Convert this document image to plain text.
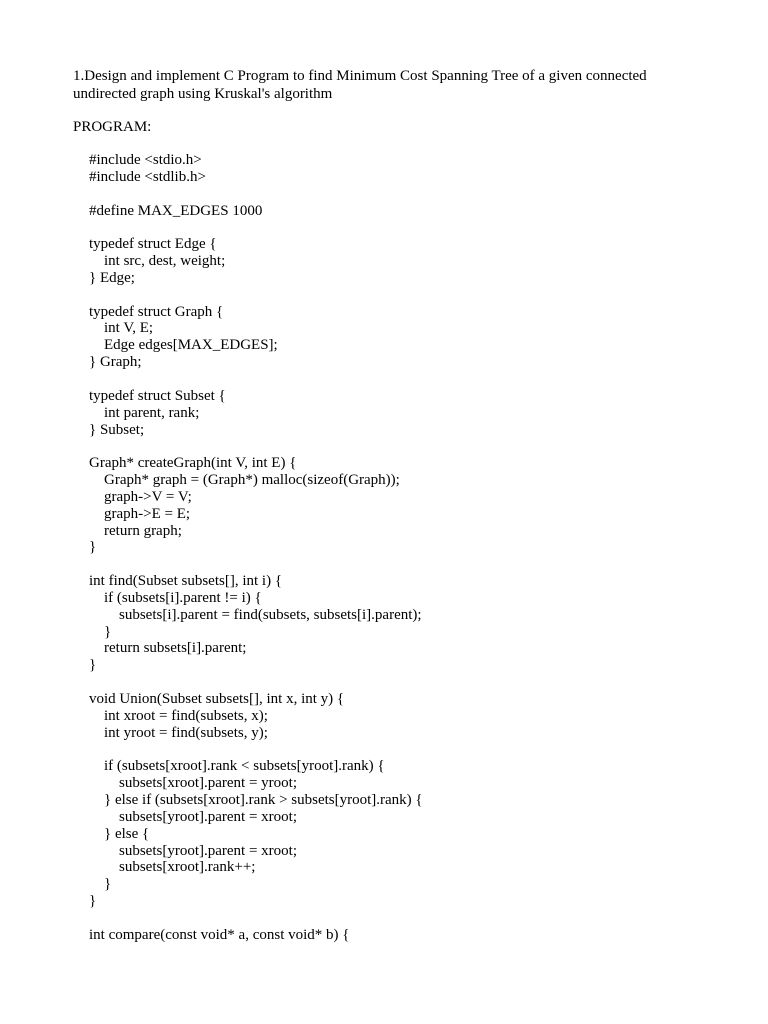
1.Design and implement C Program to find Minimum Cost Spanning Tree of a given connected
undirected graph using Kruskal's algorithm
PROGRAM:
#include <stdio.h>
#include <stdlib.h>
#define MAX_EDGES 1000
typedef struct Edge {
int src, dest, weight;
} Edge;
typedef struct Graph {
int V, E;
Edge edges[MAX_EDGES];
} Graph;
typedef struct Subset {
int parent, rank;
} Subset;
Graph* createGraph(int V, int E) {
Graph* graph = (Graph*) malloc(sizeof(Graph));
graph->V = V;
graph->E = E;
return graph;
}
int find(Subset subsets[], int i) {
if (subsets[i].parent != i) {
subsets[i].parent = find(subsets, subsets[i].parent);
}
return subsets[i].parent;
}
void Union(Subset subsets[], int x, int y) {
int xroot = find(subsets, x);
int yroot = find(subsets, y);
if (subsets[xroot].rank < subsets[yroot].rank) {
subsets[xroot].parent = yroot;
} else if (subsets[xroot].rank > subsets[yroot].rank) {
subsets[yroot].parent = xroot;
} else {
subsets[yroot].parent = xroot;
subsets[xroot].rank++;
}
}
int compare(const void* a, const void* b) {
